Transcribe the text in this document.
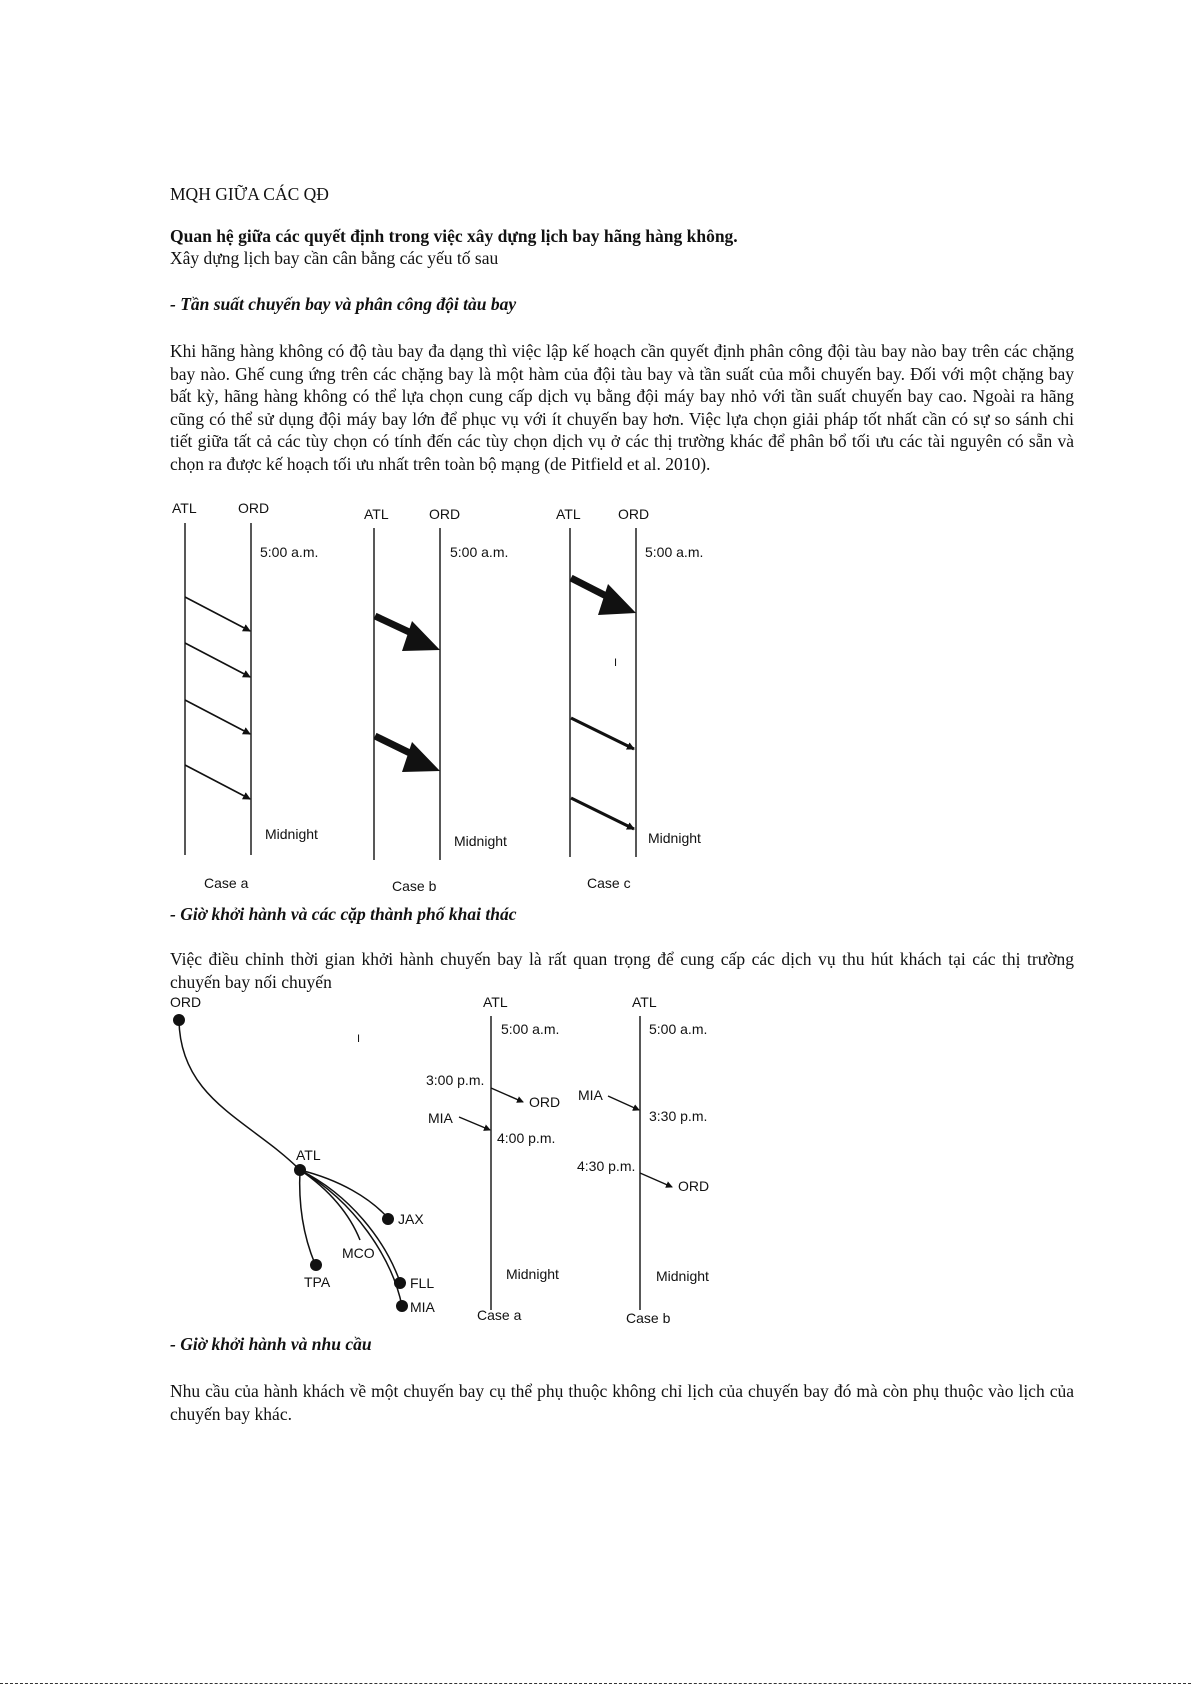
MQH GIỮA CÁC QĐ

Quan hệ giữa các quyết định trong việc xây dựng lịch bay hãng hàng không.

Xây dựng lịch bay cần cân bằng các yếu tố sau

- Tần suất chuyến bay và phân công đội tàu bay

Khi hãng hàng không có độ tàu bay đa dạng thì việc lập kế hoạch cần quyết định phân công đội tàu bay nào bay trên các chặng bay nào. Ghế cung ứng trên các chặng bay là một hàm của đội tàu bay và tần suất của mỗi chuyến bay. Đối với một chặng bay bất kỳ, hãng hàng không có thể lựa chọn cung cấp dịch vụ bằng đội máy bay nhỏ với tần suất chuyến bay cao. Ngoài ra hãng cũng có thể sử dụng đội máy bay lớn để phục vụ với ít chuyến bay hơn. Việc lựa chọn giải pháp tốt nhất cần có sự so sánh chi tiết giữa tất cả các tùy chọn có tính đến các tùy chọn dịch vụ ở các thị trường khác để phân bổ tối ưu các tài nguyên có sẵn và chọn ra được kế hoạch tối ưu nhất trên toàn bộ mạng (de Pitfield et al. 2010).

ATL	ORD
5:00 a.m.
Midnight
Case a
ATL	ORD
5:00 a.m.
Midnight
Case b
ATL	ORD
5:00 a.m.
Midnight
Case c
I

- Giờ khởi hành và các cặp thành phố khai thác

Việc điều chỉnh thời gian khởi hành chuyến bay là rất quan trọng để cung cấp các dịch vụ thu hút khách tại các thị trường chuyến bay nối chuyến

ORD
ATL
JAX
MCO
TPA	FLL
MIA
I
ATL
5:00 a.m.
3:00 p.m.
ORD
MIA
4:00 p.m.
Midnight
Case a
ATL
5:00 a.m.
MIA
3:30 p.m.
4:30 p.m.
ORD
Midnight
Case b

- Giờ khởi hành và nhu cầu

Nhu cầu của hành khách về một chuyến bay cụ thể phụ thuộc không chỉ lịch của chuyến bay đó mà còn phụ thuộc vào lịch của chuyến bay khác.
